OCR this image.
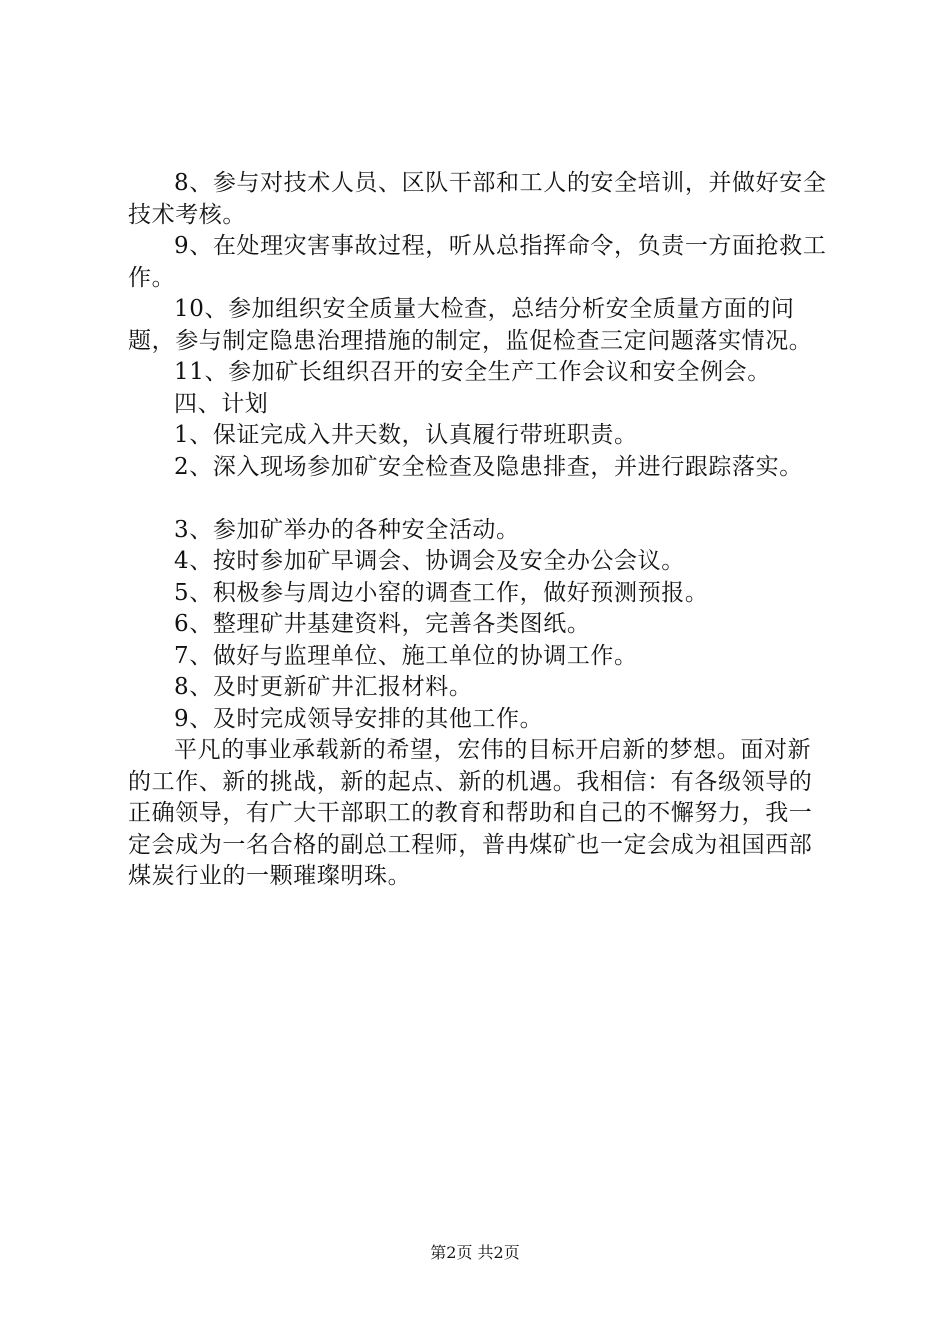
8、参与对技术人员、区队干部和工人的安全培训，并做好安全技术考核。

9、在处理灾害事故过程，听从总指挥命令，负责一方面抢救工作。

10、参加组织安全质量大检查，总结分析安全质量方面的问题，参与制定隐患治理措施的制定，监促检查三定问题落实情况。

11、参加矿长组织召开的安全生产工作会议和安全例会。

四、计划

1、保证完成入井天数，认真履行带班职责。

2、深入现场参加矿安全检查及隐患排查，并进行跟踪落实。

3、参加矿举办的各种安全活动。

4、按时参加矿早调会、协调会及安全办公会议。

5、积极参与周边小窑的调查工作，做好预测预报。

6、整理矿井基建资料，完善各类图纸。

7、做好与监理单位、施工单位的协调工作。

8、及时更新矿井汇报材料。

9、及时完成领导安排的其他工作。

平凡的事业承载新的希望，宏伟的目标开启新的梦想。面对新的工作、新的挑战，新的起点、新的机遇。我相信：有各级领导的正确领导，有广大干部职工的教育和帮助和自己的不懈努力，我一定会成为一名合格的副总工程师，普冉煤矿也一定会成为祖国西部煤炭行业的一颗璀璨明珠。

第2页 共2页
